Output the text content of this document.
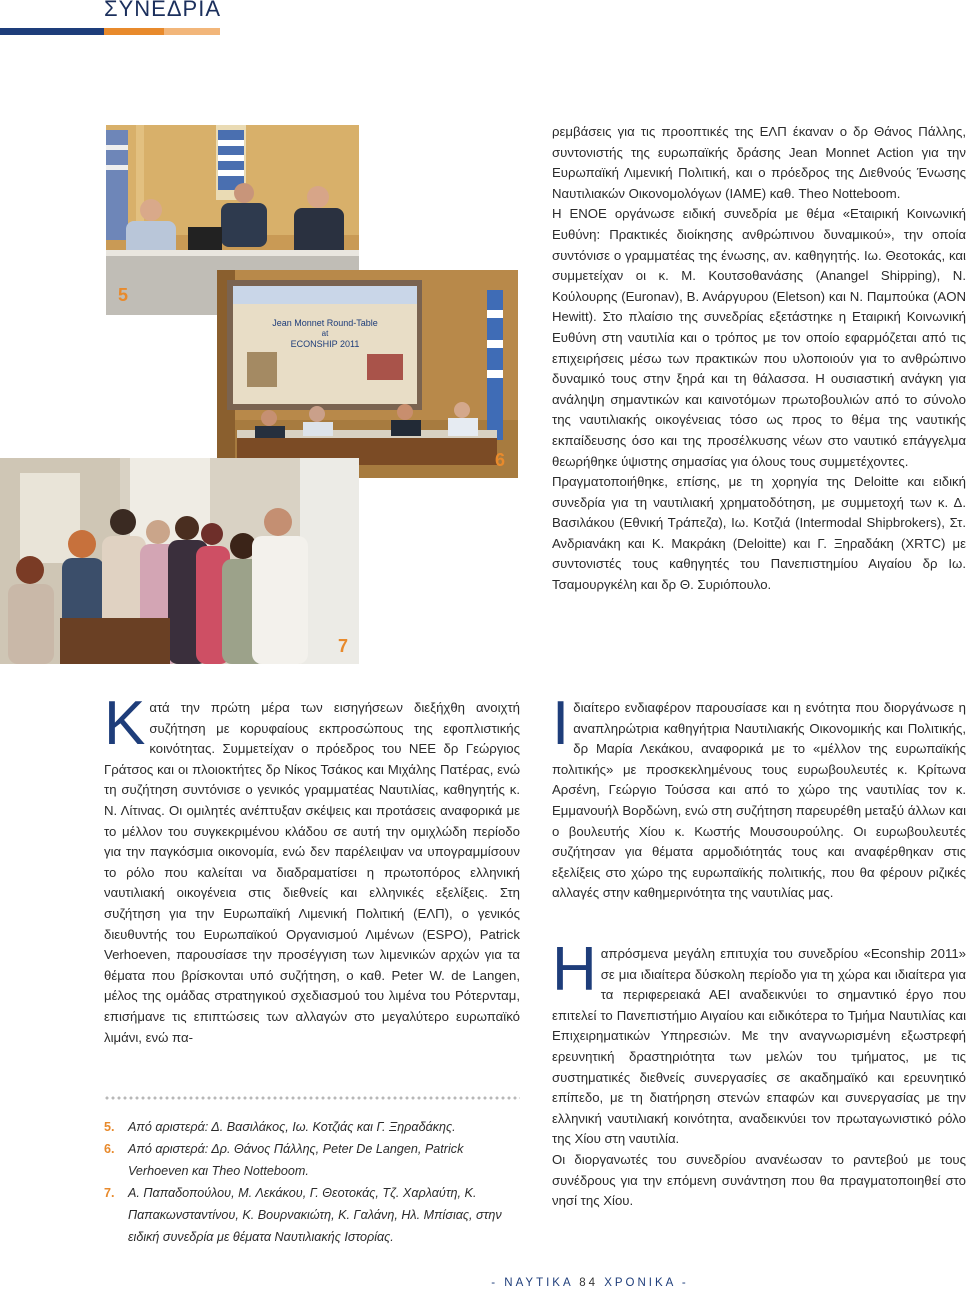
ΣΥΝΕΔΡΙΑ
5
Jean Monnet Round-Table
at
ECONSHIP 2011
6
7

Κατά την πρώτη μέρα των εισηγήσεων διεξήχθη ανοιχτή συζήτηση με κορυφαίους εκπροσώπους της εφοπλιστικής κοινότητας. Συμμετείχαν ο πρόεδρος του ΝΕΕ δρ Γεώργιος Γράτσος και οι πλοιοκτήτες δρ Νίκος Τσάκος και Μιχάλης Πατέρας, ενώ τη συζήτηση συντόνισε ο γενικός γραμματέας Ναυτιλίας, καθηγητής κ. Ν. Λίτινας. Οι ομιλητές ανέπτυξαν σκέψεις και προτάσεις αναφορικά με το μέλλον του συγκεκριμένου κλάδου σε αυτή την ομιχλώδη περίοδο για την παγκόσμια οικονομία, ενώ δεν παρέλειψαν να υπογραμμίσουν το ρόλο που καλείται να διαδραματίσει η πρωτοπόρος ελληνική ναυτιλιακή οικογένεια στις διεθνείς και ελληνικές εξελίξεις. Στη συζήτηση για την Ευρωπαϊκή Λιμενική Πολιτική (ΕΛΠ), ο γενικός διευθυντής του Ευρωπαϊκού Οργανισμού Λιμένων (ESPO), Patrick Verhoeven, παρουσίασε την προσέγγιση των λιμενικών αρχών για τα θέματα που βρίσκονται υπό συζήτηση, ο καθ. Peter W. de Langen, μέλος της ομάδας στρατηγικού σχεδιασμού του λιμένα του Ρότερνταμ, επισήμανε τις επιπτώσεις των αλλαγών στο μεγαλύτερο ευρωπαϊκό λιμάνι, ενώ πα-

5.	Από αριστερά: Δ. Βασιλάκος, Ιω. Κοτζιάς και Γ. Ξηραδάκης.
6.	Από αριστερά: Δρ. Θάνος Πάλλης, Peter De Langen, Patrick Verhoeven και Theo Notteboom.
7.	Α. Παπαδοπούλου, Μ. Λεκάκου, Γ. Θεοτοκάς, Τζ. Χαρλαύτη, Κ. Παπακωνσταντίνου, Κ. Βουρνακιώτη, Κ. Γαλάνη, Ηλ. Μπίσιας, στην ειδική συνεδρία με θέματα Ναυτιλιακής Ιστορίας.

ρεμβάσεις για τις προοπτικές της ΕΛΠ έκαναν ο δρ Θάνος Πάλλης, συντονιστής της ευρωπαϊκής δράσης Jean Monnet Action για την Ευρωπαϊκή Λιμενική Πολιτική, και ο πρόεδρος της Διεθνούς Ένωσης Ναυτιλιακών Οικονομολόγων (IAME) καθ. Theo Notteboom.

Η ΕΝΟΕ οργάνωσε ειδική συνεδρία με θέμα «Εταιρική Κοινωνική Ευθύνη: Πρακτικές διοίκησης ανθρώπινου δυναμικού», την οποία συντόνισε ο γραμματέας της ένωσης, αν. καθηγητής. Ιω. Θεοτοκάς, και συμμετείχαν οι κ. Μ. Κουτσοθανάσης (Anangel Shipping), Ν. Κούλουρης (Euronav), Β. Ανάργυρου (Eletson) και Ν. Παμπούκα (AON Hewitt). Στο πλαίσιο της συνεδρίας εξετάστηκε η Εταιρική Κοινωνική Ευθύνη στη ναυτιλία και ο τρόπος με τον οποίο εφαρμόζεται από τις επιχειρήσεις μέσω των πρακτικών που υλοποιούν για το ανθρώπινο δυναμικό τους στην ξηρά και τη θάλασσα. Η ουσιαστική ανάγκη για ανάληψη σημαντικών και καινοτόμων πρωτοβουλιών από το σύνολο της ναυτιλιακής οικογένειας τόσο ως προς το θέμα της ναυτικής εκπαίδευσης όσο και της προσέλκυσης νέων στο ναυτικό επάγγελμα θεωρήθηκε ύψιστης σημασίας για όλους τους συμμετέχοντες.

Πραγματοποιήθηκε, επίσης, με τη χορηγία της Deloitte και ειδική συνεδρία για τη ναυτιλιακή χρηματοδότηση, με συμμετοχή των κ. Δ. Βασιλάκου (Εθνική Τράπεζα), Ιω. Κοτζιά (Intermodal Shipbrokers), Στ. Ανδριανάκη και Κ. Μακράκη (Deloitte) και Γ. Ξηραδάκη (XRTC) με συντονιστές τους καθηγητές του Πανεπιστημίου Αιγαίου δρ Ιω. Τσαμουργκέλη και δρ Θ. Συριόπουλο.

Ιδιαίτερο ενδιαφέρον παρουσίασε και η ενότητα που διοργάνωσε η αναπληρώτρια καθηγήτρια Ναυτιλιακής Οικονομικής και Πολιτικής, δρ Μαρία Λεκάκου, αναφορικά με το «μέλλον της ευρωπαϊκής πολιτικής» με προσκεκλημένους τους ευρωβουλευτές κ. Κρίτωνα Αρσένη, Γεώργιο Τούσσα και από το χώρο της ναυτιλίας τον κ. Εμμανουήλ Βορδώνη, ενώ στη συζήτηση παρευρέθη μεταξύ άλλων και ο βουλευτής Χίου κ. Κωστής Μουσουρούλης. Οι ευρωβουλευτές συζήτησαν για θέματα αρμοδιότητάς τους και αναφέρθηκαν στις εξελίξεις στο χώρο της ευρωπαϊκής πολιτικής, που θα φέρουν ριζικές αλλαγές στην καθημερινότητα της ναυτιλίας μας.

Ηαπρόσμενα μεγάλη επιτυχία του συνεδρίου «Econship 2011» σε μια ιδιαίτερα δύσκολη περίοδο για τη χώρα και ιδιαίτερα για τα περιφερειακά ΑΕΙ αναδεικνύει το σημαντικό έργο που επιτελεί το Πανεπιστήμιο Αιγαίου και ειδικότερα το Τμήμα Ναυτιλίας και Επιχειρηματικών Υπηρεσιών. Με την αναγνωρισμένη εξωστρεφή ερευνητική δραστηριότητα των μελών του τμήματος, με τις συστηματικές διεθνείς συνεργασίες σε ακαδημαϊκό και ερευνητικό επίπεδο, με τη διατήρηση στενών επαφών και συνεργασίας με την ελληνική ναυτιλιακή κοινότητα, αναδεικνύει τον πρωταγωνιστικό ρόλο της Χίου στη ναυτιλία.

Οι διοργανωτές του συνεδρίου ανανέωσαν το ραντεβού με τους συνέδρους για την επόμενη συνάντηση που θα πραγματοποιηθεί στο νησί της Χίου.

- ΝΑΥΤΙΚΑ 84 ΧΡΟΝΙΚΑ -
